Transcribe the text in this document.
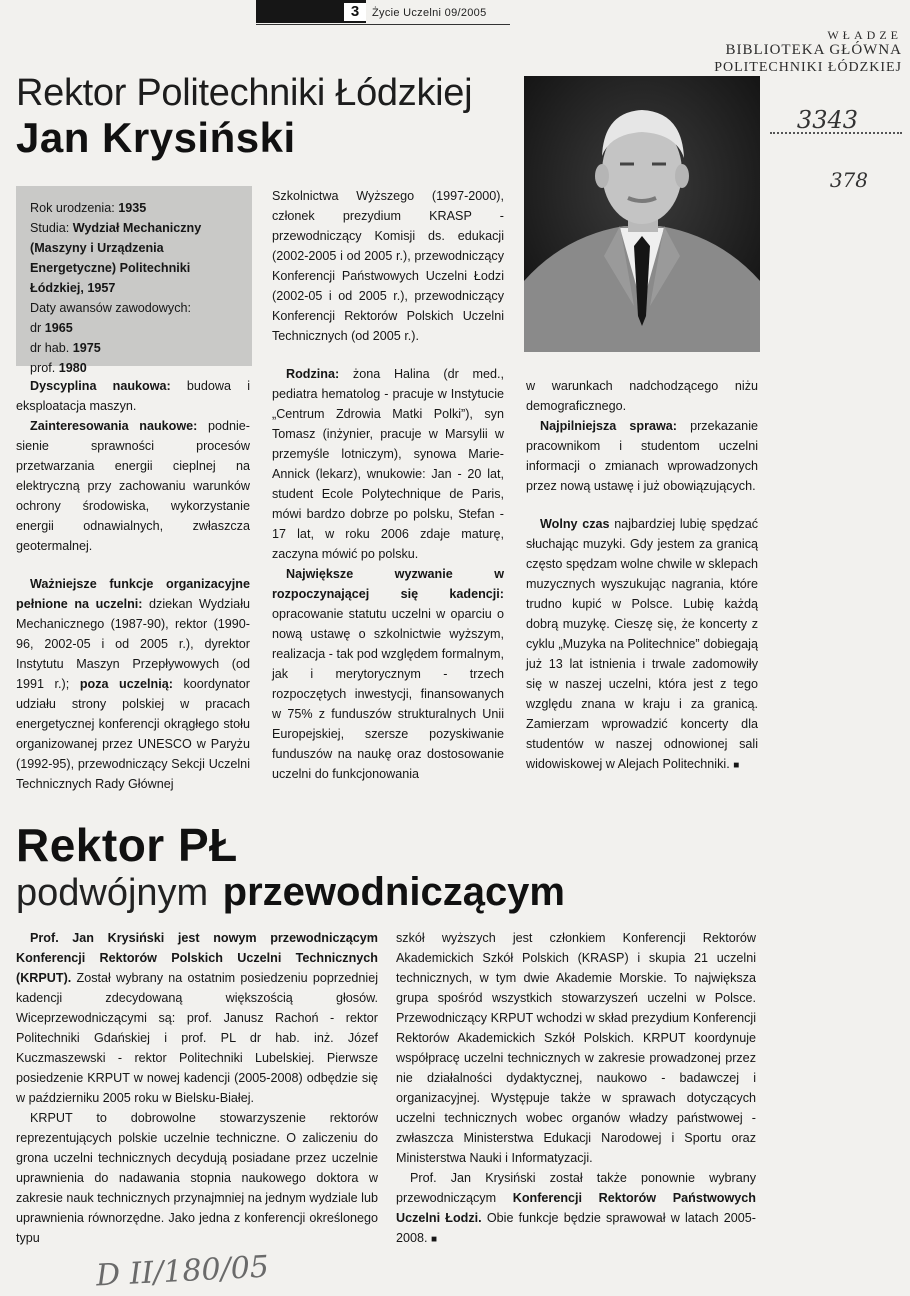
3	Życie Uczelni 09/2005
WŁADZE
BIBLIOTEKA GŁÓWNA
POLITECHNIKI ŁÓDZKIEJ
3343
378
Rektor Politechniki Łódzkiej
Jan Krysiński
Rok urodzenia: 1935
Studia: Wydział Mechaniczny (Maszyny i Urządzenia Energetyczne) Politechniki Łódzkiej, 1957
Daty awansów zawodowych:
dr 1965
dr hab. 1975
prof. 1980

Dyscyplina naukowa: budowa i eksploatacja maszyn.

Zainteresowania naukowe: podniesienie sprawności procesów przetwarzania energii cieplnej na elektryczną przy zachowaniu warunków ochrony środowiska, wykorzystanie energii odnawialnych, zwłaszcza geotermalnej.

Ważniejsze funkcje organizacyjne pełnione na uczelni: dziekan Wydziału Mechanicznego (1987-90), rektor (1990-96, 2002-05 i od 2005 r.), dyrektor Instytutu Maszyn Przepływowych (od 1991 r.); poza uczelnią: koordynator udziału strony polskiej w pracach energetycznej konferencji okrągłego stołu organizowanej przez UNESCO w Paryżu (1992-95), przewodniczący Sekcji Uczelni Technicznych Rady Głównej

Szkolnictwa Wyższego (1997-2000), członek prezydium KRASP - przewodniczący Komisji ds. edukacji (2002-2005 i od 2005 r.), przewodniczący Konferencji Państwowych Uczelni Łodzi (2002-05 i od 2005 r.), przewodniczący Konferencji Rektorów Polskich Uczelni Technicznych (od 2005 r.).

Rodzina: żona Halina (dr med., pediatra hematolog - pracuje w Instytucie „Centrum Zdrowia Matki Polki”), syn Tomasz (inżynier, pracuje w Marsylii w przemyśle lotniczym), synowa Marie-Annick (lekarz), wnukowie: Jan - 20 lat, student Ecole Polytechnique de Paris, mówi bardzo dobrze po polsku, Stefan - 17 lat, w roku 2006 zdaje maturę, zaczyna mówić po polsku.

Największe wyzwanie w rozpoczynającej się kadencji: opracowanie statutu uczelni w oparciu o nową ustawę o szkolnictwie wyższym, realizacja - tak pod względem formalnym, jak i merytorycznym - trzech rozpoczętych inwestycji, finansowanych w 75% z funduszów strukturalnych Unii Europejskiej, szersze pozyskiwanie funduszów na naukę oraz dostosowanie uczelni do funkcjonowania

w warunkach nadchodzącego niżu demograficznego.

Najpilniejsza sprawa: przekazanie pracownikom i studentom uczelni informacji o zmianach wprowadzonych przez nową ustawę i już obowiązujących.

Wolny czas najbardziej lubię spędzać słuchając muzyki. Gdy jestem za granicą często spędzam wolne chwile w sklepach muzycznych wyszukując nagrania, które trudno kupić w Polsce. Lubię każdą dobrą muzykę. Cieszę się, że koncerty z cyklu „Muzyka na Politechnice” dobiegają już 13 lat istnienia i trwale zadomowiły się w naszej uczelni, która jest z tego względu znana w kraju i za granicą. Zamierzam wprowadzić koncerty dla studentów w naszej odnowionej sali widowiskowej w Alejach Politechniki. ■

Rektor PŁ
podwójnym przewodniczącym

Prof. Jan Krysiński jest nowym przewodniczącym Konferencji Rektorów Polskich Uczelni Technicznych (KRPUT). Został wybrany na ostatnim posiedzeniu poprzedniej kadencji zdecydowaną większością głosów. Wiceprzewodniczącymi są: prof. Janusz Rachoń - rektor Politechniki Gdańskiej i prof. PL dr hab. inż. Józef Kuczmaszewski - rektor Politechniki Lubelskiej. Pierwsze posiedzenie KRPUT w nowej kadencji (2005-2008) odbędzie się w październiku 2005 roku w Bielsku-Białej.

KRPUT to dobrowolne stowarzyszenie rektorów reprezentujących polskie uczelnie techniczne. O zaliczeniu do grona uczelni technicznych decydują posiadane przez uczelnie uprawnienia do nadawania stopnia naukowego doktora w zakresie nauk technicznych przynajmniej na jednym wydziale lub uprawnienia równorzędne. Jako jedna z konferencji określonego typu

szkół wyższych jest członkiem Konferencji Rektorów Akademickich Szkół Polskich (KRASP) i skupia 21 uczelni technicznych, w tym dwie Akademie Morskie. To największa grupa spośród wszystkich stowarzyszeń uczelni w Polsce. Przewodniczący KRPUT wchodzi w skład prezydium Konferencji Rektorów Akademickich Szkół Polskich. KRPUT koordynuje współpracę uczelni technicznych w zakresie prowadzonej przez nie działalności dydaktycznej, naukowo - badawczej i organizacyjnej. Występuje także w sprawach dotyczących uczelni technicznych wobec organów władzy państwowej - zwłaszcza Ministerstwa Edukacji Narodowej i Sportu oraz Ministerstwa Nauki i Informatyzacji.

Prof. Jan Krysiński został także ponownie wybrany przewodniczącym Konferencji Rektorów Państwowych Uczelni Łodzi. Obie funkcje będzie sprawował w latach 2005-2008. ■

D II/180/05
